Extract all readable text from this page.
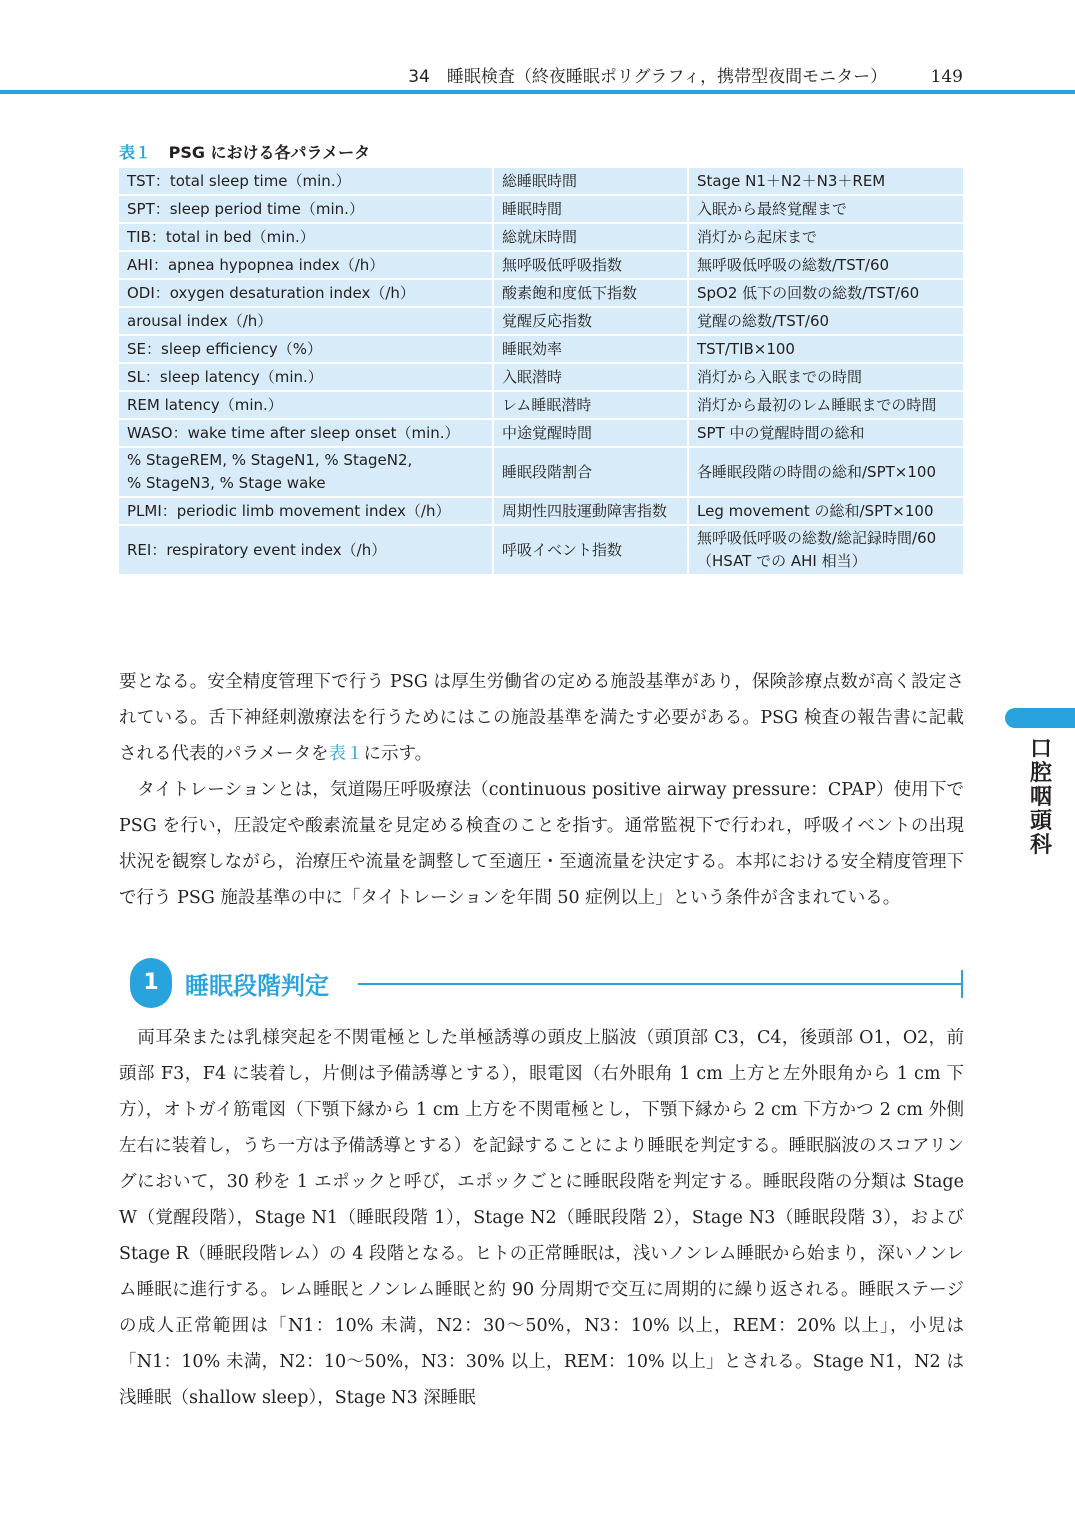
34　睡眠検査（終夜睡眠ポリグラフィ，携帯型夜間モニター）	149
表１ PSG における各パラメータ
TST：total sleep time（min.）	総睡眠時間	Stage N1＋N2＋N3＋REM
SPT：sleep period time（min.）	睡眠時間	入眠から最終覚醒まで
TIB：total in bed（min.）	総就床時間	消灯から起床まで
AHI：apnea hypopnea index（/h）	無呼吸低呼吸指数	無呼吸低呼吸の総数/TST/60
ODI：oxygen desaturation index（/h）	酸素飽和度低下指数	SpO2 低下の回数の総数/TST/60
arousal index（/h）	覚醒反応指数	覚醒の総数/TST/60
SE：sleep efficiency（%）	睡眠効率	TST/TIB×100
SL：sleep latency（min.）	入眠潜時	消灯から入眠までの時間
REM latency（min.）	レム睡眠潜時	消灯から最初のレム睡眠までの時間
WASO：wake time after sleep onset（min.）	中途覚醒時間	SPT 中の覚醒時間の総和
% StageREM, % StageN1, % StageN2,
% StageN3, % Stage wake	睡眠段階割合	各睡眠段階の時間の総和/SPT×100
PLMI：periodic limb movement index（/h）	周期性四肢運動障害指数	Leg movement の総和/SPT×100
REI：respiratory event index（/h）	呼吸イベント指数	無呼吸低呼吸の総数/総記録時間/60
（HSAT での AHI 相当）

要となる。安全精度管理下で行う PSG は厚生労働省の定める施設基準があり，保険診療点数が高く設定されている。舌下神経刺激療法を行うためにはこの施設基準を満たす必要がある。PSG 検査の報告書に記載される代表的パラメータを表１に示す。

タイトレーションとは，気道陽圧呼吸療法（continuous positive airway pressure：CPAP）使用下で PSG を行い，圧設定や酸素流量を見定める検査のことを指す。通常監視下で行われ，呼吸イベントの出現状況を観察しながら，治療圧や流量を調整して至適圧・至適流量を決定する。本邦における安全精度管理下で行う PSG 施設基準の中に「タイトレーションを年間 50 症例以上」という条件が含まれている。

1	睡眠段階判定

両耳朶または乳様突起を不関電極とした単極誘導の頭皮上脳波（頭頂部 C3，C4，後頭部 O1，O2，前頭部 F3，F4 に装着し，片側は予備誘導とする），眼電図（右外眼角 1 cm 上方と左外眼角から 1 cm 下方），オトガイ筋電図（下顎下縁から 1 cm 上方を不関電極とし，下顎下縁から 2 cm 下方かつ 2 cm 外側左右に装着し，うち一方は予備誘導とする）を記録することにより睡眠を判定する。睡眠脳波のスコアリングにおいて，30 秒を 1 エポックと呼び，エポックごとに睡眠段階を判定する。睡眠段階の分類は Stage W（覚醒段階），Stage N1（睡眠段階 1），Stage N2（睡眠段階 2），Stage N3（睡眠段階 3），および Stage R（睡眠段階レム）の 4 段階となる。ヒトの正常睡眠は，浅いノンレム睡眠から始まり，深いノンレム睡眠に進行する。レム睡眠とノンレム睡眠と約 90 分周期で交互に周期的に繰り返される。睡眠ステージの成人正常範囲は「N1：10% 未満，N2：30〜50%，N3：10% 以上，REM：20% 以上」，小児は「N1：10% 未満，N2：10〜50%，N3：30% 以上，REM：10% 以上」とされる。Stage N1，N2 は浅睡眠（shallow sleep），Stage N3 深睡眠

口腔咽頭科
